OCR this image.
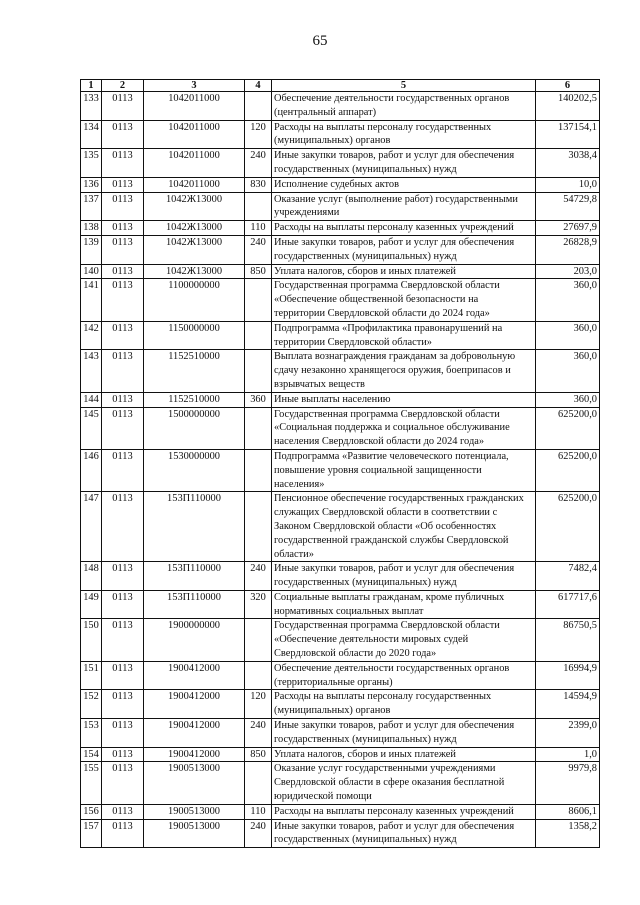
65
1	2	3	4	5	6
133	0113	1042011000		Обеспечение деятельности государственных органов
(центральный аппарат)	140202,5
134	0113	1042011000	120	Расходы на выплаты персоналу государственных
(муниципальных) органов	137154,1
135	0113	1042011000	240	Иные закупки товаров, работ и услуг для обеспечения
государственных (муниципальных) нужд	3038,4
136	0113	1042011000	830	Исполнение судебных актов	10,0
137	0113	1042Ж13000		Оказание услуг (выполнение работ) государственными
учреждениями	54729,8
138	0113	1042Ж13000	110	Расходы на выплаты персоналу казенных учреждений	27697,9
139	0113	1042Ж13000	240	Иные закупки товаров, работ и услуг для обеспечения
государственных (муниципальных) нужд	26828,9
140	0113	1042Ж13000	850	Уплата налогов, сборов и иных платежей	203,0
141	0113	1100000000		Государственная программа Свердловской области
«Обеспечение общественной безопасности на
территории Свердловской области до 2024 года»	360,0
142	0113	1150000000		Подпрограмма «Профилактика правонарушений на
территории Свердловской области»	360,0
143	0113	1152510000		Выплата вознаграждения гражданам за добровольную
сдачу незаконно хранящегося оружия, боеприпасов и
взрывчатых веществ	360,0
144	0113	1152510000	360	Иные выплаты населению	360,0
145	0113	1500000000		Государственная программа Свердловской области
«Социальная поддержка и социальное обслуживание
населения Свердловской области до 2024 года»	625200,0
146	0113	1530000000		Подпрограмма «Развитие человеческого потенциала,
повышение уровня социальной защищенности
населения»	625200,0
147	0113	153П110000		Пенсионное обеспечение государственных гражданских
служащих Свердловской области в соответствии с
Законом Свердловской области «Об особенностях
государственной гражданской службы Свердловской
области»	625200,0
148	0113	153П110000	240	Иные закупки товаров, работ и услуг для обеспечения
государственных (муниципальных) нужд	7482,4
149	0113	153П110000	320	Социальные выплаты гражданам, кроме публичных
нормативных социальных выплат	617717,6
150	0113	1900000000		Государственная программа Свердловской области
«Обеспечение деятельности мировых судей
Свердловской области до 2020 года»	86750,5
151	0113	1900412000		Обеспечение деятельности государственных органов
(территориальные органы)	16994,9
152	0113	1900412000	120	Расходы на выплаты персоналу государственных
(муниципальных) органов	14594,9
153	0113	1900412000	240	Иные закупки товаров, работ и услуг для обеспечения
государственных (муниципальных) нужд	2399,0
154	0113	1900412000	850	Уплата налогов, сборов и иных платежей	1,0
155	0113	1900513000		Оказание услуг государственными учреждениями
Свердловской области в сфере оказания бесплатной
юридической помощи	9979,8
156	0113	1900513000	110	Расходы на выплаты персоналу казенных учреждений	8606,1
157	0113	1900513000	240	Иные закупки товаров, работ и услуг для обеспечения
государственных (муниципальных) нужд	1358,2
